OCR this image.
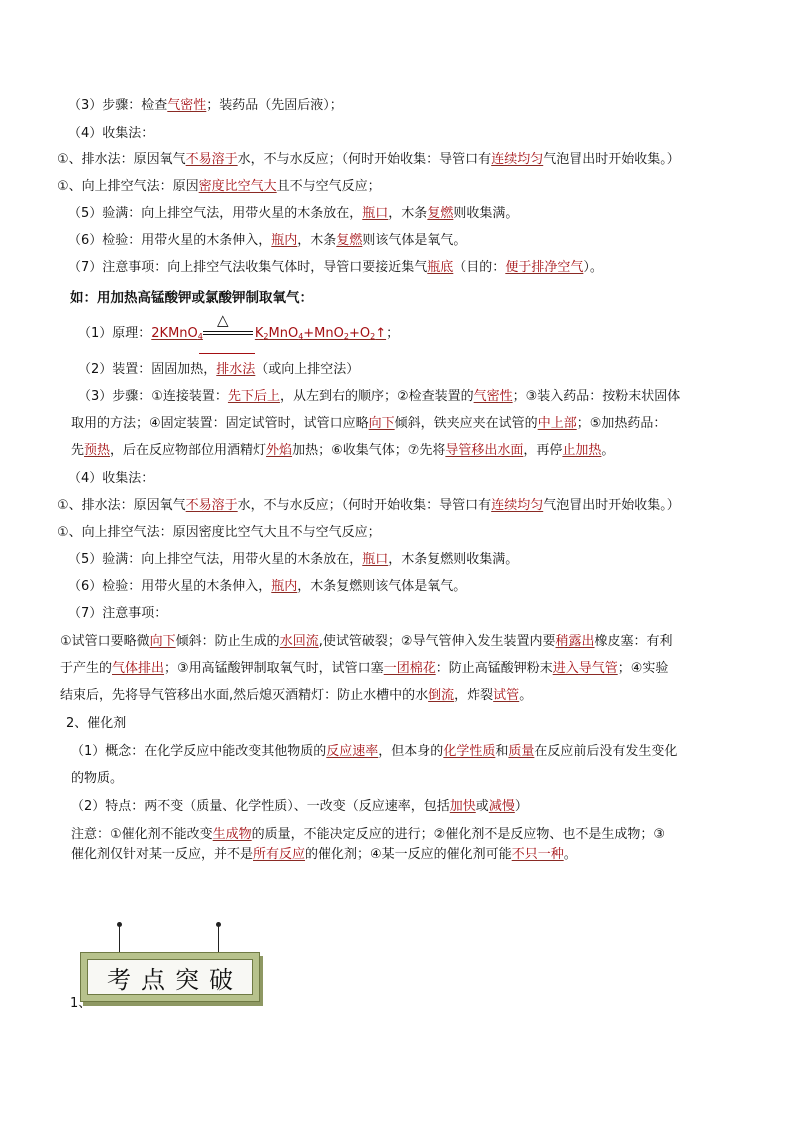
（3）步骤：检查气密性；装药品（先固后液）；
（4）收集法：
①、排水法：原因氧气不易溶于水，不与水反应；（何时开始收集：导管口有连续均匀气泡冒出时开始收集。）
①、向上排空气法：原因密度比空气大且不与空气反应；
（5）验满：向上排空气法，用带火星的木条放在，瓶口，木条复燃则收集满。
（6）检验：用带火星的木条伸入，瓶内，木条复燃则该气体是氧气。
（7）注意事项：向上排空气法收集气体时，导管口要接近集气瓶底（目的：便于排净空气）。
如：用加热高锰酸钾或氯酸钾制取氧气：
△
（1）原理：2KMnO$_4$	$K_2MnO_4+MnO_2+O_2↑$；
（2）装置：固固加热，排水法（或向上排空法）
（3）步骤：①连接装置：先下后上，从左到右的顺序；②检查装置的气密性；③装入药品：按粉末状固体
取用的方法；④固定装置：固定试管时，试管口应略向下倾斜，铁夹应夹在试管的中上部；⑤加热药品：
先预热，后在反应物部位用酒精灯外焰加热；⑥收集气体；⑦先将导管移出水面，再停止加热。
（4）收集法：
①、排水法：原因氧气不易溶于水，不与水反应；（何时开始收集：导管口有连续均匀气泡冒出时开始收集。）
①、向上排空气法：原因密度比空气大且不与空气反应；
（5）验满：向上排空气法，用带火星的木条放在，瓶口，木条复燃则收集满。
（6）检验：用带火星的木条伸入，瓶内，木条复燃则该气体是氧气。
（7）注意事项：
①试管口要略微向下倾斜：防止生成的水回流,使试管破裂；②导气管伸入发生装置内要稍露出橡皮塞：有利
于产生的气体排出；③用高锰酸钾制取氧气时，试管口塞一团棉花：防止高锰酸钾粉末进入导气管；④实验
结束后，先将导气管移出水面,然后熄灭酒精灯：防止水槽中的水倒流，炸裂试管。
2、催化剂
（1）概念：在化学反应中能改变其他物质的反应速率，但本身的化学性质和质量在反应前后没有发生变化
的物质。
（2）特点：两不变（质量、化学性质）、一改变（反应速率，包括加快或减慢）
注意：①催化剂不能改变生成物的质量，不能决定反应的进行；②催化剂不是反应物、也不是生成物；③
催化剂仅针对某一反应，并不是所有反应的催化剂；④某一反应的催化剂可能不只一种。
考点突破
1、
